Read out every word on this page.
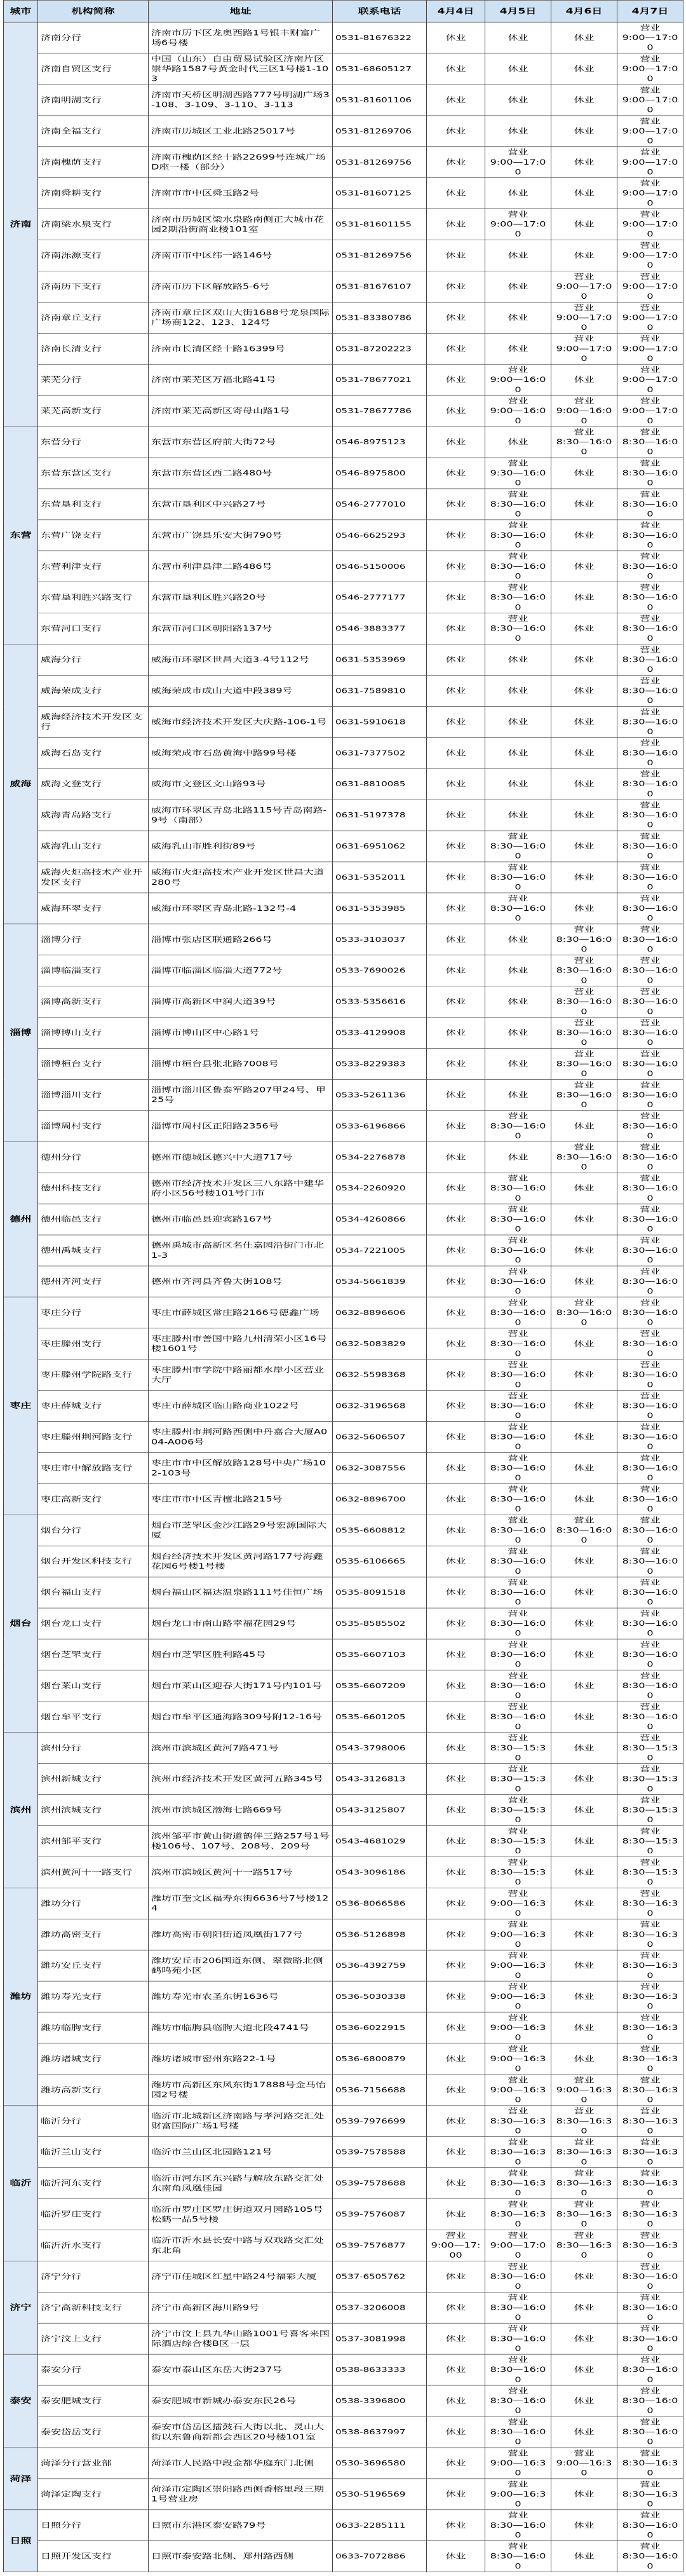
城市	机构简称	地址	联系电话	4月4日	4月5日	4月6日	4月7日
济南	济南分行	济南市历下区龙奥西路1号银丰财富广场6号楼	0531-81676322	休业	休业	休业	营业
9:00—17:00

	济南自贸区支行	中国（山东）自由贸易试验区济南片区崇华路1587号黄金时代三区1号楼1-103	0531-68605127	休业	休业	休业	营业
9:00—17:00

	济南明湖支行	济南市天桥区明湖西路777号明湖广场3-108、3-109、3-110、3-113	0531-81601106	休业	休业	休业	营业
9:00—17:00

	济南全福支行	济南市历城区工业北路25017号	0531-81269706	休业	休业	休业	营业
9:00—17:00

	济南槐荫支行	济南市槐荫区经十路22699号连城广场D座一楼（部分）	0531-81269756	休业	营业
9:00—17:00	休业	营业
9:00—17:00

	济南舜耕支行	济南市市中区舜玉路2号	0531-81607125	休业	休业	休业	营业
9:00—17:00

	济南梁水泉支行	济南市历城区梁水泉路南侧正大城市花园2期沿街商业楼101室	0531-81601155	休业	营业
9:00—17:00	休业	营业
9:00—17:00

	济南泺源支行	济南市市中区纬一路146号	0531-81269756	休业	休业	休业	营业
9:00—17:00

	济南历下支行	济南市历下区解放路5-6号	0531-81676107	休业	休业	营业
9:00—17:00	营业
9:00—17:00

	济南章丘支行	济南市章丘区双山大街1688号龙泉国际广场商122、123、124号	0531-83380786	休业	休业	营业
9:00—17:00	营业
9:00—17:00

	济南长清支行	济南市长清区经十路16399号	0531-87202223	休业	休业	营业
9:00—17:00	营业
9:00—17:00

	莱芜分行	济南市莱芜区万福北路41号	0531-78677021	休业	营业
9:00—16:00	休业	营业
9:00—17:00

	莱芜高新支行	济南市莱芜高新区寄母山路1号	0531-78677786	休业	营业
9:00—16:00	营业
9:00—16:00	营业
9:00—17:00

东营	东营分行	东营市东营区府前大街72号	0546-8975123	休业	休业	营业
8:30—16:00	营业
8:30—16:00

	东营东营区支行	东营市东营区西二路480号	0546-8975800	休业	营业
9:30—16:00	休业	营业
8:30—16:00

	东营垦利支行	东营市垦利区中兴路27号	0546-2777010	休业	营业
8:30—16:00	休业	营业
8:30—16:00

	东营广饶支行	东营市广饶县乐安大街790号	0546-6625293	休业	营业
8:30—16:00	休业	营业
8:30—16:00

	东营利津支行	东营市利津县津二路486号	0546-5150006	休业	营业
8:30—16:00	休业	营业
8:30—16:00

	东营垦利胜兴路支行	东营市垦利区胜兴路20号	0546-2777177	休业	营业
8:30—16:00	休业	营业
8:30—16:00

	东营河口支行	东营市河口区朝阳路137号	0546-3883377	休业	营业
8:30—16:00	休业	营业
8:30—16:00

威海	威海分行	威海市环翠区世昌大道3-4号112号	0631-5353969	休业	休业	休业	营业
8:30—16:00

	威海荣成支行	威海荣成市成山大道中段389号	0631-7589810	休业	休业	休业	营业
8:30—16:00

	威海经济技术开发区支行	威海市经济技术开发区大庆路-106-1号	0631-5910618	休业	休业	休业	营业
8:30—16:00

	威海石岛支行	威海荣成市石岛黄海中路99号楼	0631-7377502	休业	休业	休业	营业
8:30—16:00

	威海文登支行	威海市文登区文山路93号	0631-8810085	休业	休业	休业	营业
8:30—16:00

	威海青岛路支行	威海市环翠区青岛北路115号青岛南路-9号（南部）	0631-5197378	休业	休业	休业	营业
8:30—16:00

	威海乳山支行	威海乳山市胜利街89号	0631-6951062	休业	营业
8:30—16:00	休业	营业
8:30—16:00

	威海火炬高技术产业开发区支行	威海市火炬高技术产业开发区世昌大道280号	0631-5352011	休业	营业
8:30—16:00	休业	营业
8:30—16:00

	威海环翠支行	威海市环翠区青岛北路-132号-4	0631-5353985	休业	营业
8:30—16:00	休业	营业
8:30—16:00

淄博	淄博分行	淄博市张店区联通路266号	0533-3103037	休业	休业	营业
8:30—16:00	营业
8:30—16:00

	淄博临淄支行	淄博市临淄区临淄大道772号	0533-7690026	休业	休业	营业
8:30—16:00	营业
8:30—16:00

	淄博高新支行	淄博市高新区中润大道39号	0533-5356616	休业	休业	营业
8:30—16:00	营业
8:30—16:00

	淄博博山支行	淄博市博山区中心路1号	0533-4129908	休业	休业	营业
8:30—16:00	营业
8:30—16:00

	淄博桓台支行	淄博市桓台县张北路7008号	0533-8229383	休业	休业	营业
8:30—16:00	营业
8:30—16:00

	淄博淄川支行	淄博市淄川区鲁泰军路207甲24号、甲25号	0533-5261136	休业	休业	营业
8:30—16:00	营业
8:30—16:00

	淄博周村支行	淄博市周村区正阳路2356号	0533-6196866	休业	营业
8:30—16:00	休业	营业
8:30—16:00

德州	德州分行	德州市德城区德兴中大道717号	0534-2276878	休业	休业	营业
8:30—16:00	营业
8:30—16:00

	德州科技支行	德州市经济技术开发区三八东路中建华府小区56号楼101号门市	0534-2260920	休业	营业
8:30—16:00	休业	营业
8:30—16:00

	德州临邑支行	德州市临邑县迎宾路167号	0534-4260866	休业	营业
8:30—16:00	休业	营业
8:30—16:00

	德州禹城支行	德州禹城市高新区名仕嘉园沿街门市北1-3	0534-7221005	休业	营业
8:30—16:00	休业	营业
8:30—16:00

	德州齐河支行	德州市齐河县齐鲁大街108号	0534-5661839	休业	营业
8:30—16:00	休业	营业
8:30—16:00

枣庄	枣庄分行	枣庄市薛城区常庄路2166号德鑫广场	0632-8896606	休业	营业
8:30—16:00	营业
8:30—16:00	营业
8:30—16:00

	枣庄滕州支行	枣庄滕州市善国中路九州清荣小区16号楼1601号	0632-5083829	休业	营业
8:30—16:00	休业	营业
8:30—16:00

	枣庄滕州学院路支行	枣庄滕州市学院中路丽都水岸小区营业大厅	0632-5598368	休业	营业
8:30—16:00	休业	营业
8:30—16:00

	枣庄薛城支行	枣庄市薛城区临山路商业1022号	0632-3196568	休业	营业
8:30—16:00	休业	营业
8:30—16:00

	枣庄滕州荆河路支行	枣庄滕州市荆河路西侧中丹嘉合大厦A004-A006号	0632-5606507	休业	营业
8:30—16:00	休业	营业
8:30—16:00

	枣庄市中解放路支行	枣庄市市中区解放路128号中央广场102-103号	0632-3087556	休业	营业
8:30—16:00	休业	营业
8:30—16:00

	枣庄高新支行	枣庄市市中区青檀北路215号	0632-8896700	休业	营业
8:30—16:00	休业	营业
8:30—16:00

烟台	烟台分行	烟台市芝罘区金沙江路29号宏源国际大厦	0535-6608812	休业	营业
8:30—16:00	营业
8:30—16:00	营业
8:30—16:00

	烟台开发区科技支行	烟台经济技术开发区黄河路177号海鑫花园6号楼1号楼	0535-6106665	休业	营业
8:30—16:00	休业	营业
8:30—16:00

	烟台福山支行	烟台福山区福达温泉路111号佳恒广场	0535-8091518	休业	营业
8:30—16:00	休业	营业
8:30—16:00

	烟台龙口支行	烟台龙口市南山路幸福花园29号	0535-8585502	休业	营业
8:30—16:00	休业	营业
8:30—16:00

	烟台芝罘支行	烟台市芝罘区胜利路45号	0535-6607103	休业	营业
8:30—16:00	休业	营业
8:30—16:00

	烟台莱山支行	烟台市莱山区迎春大街171号内101号	0535-6607209	休业	营业
8:30—16:00	休业	营业
8:30—16:00

	烟台牟平支行	烟台市牟平区通海路309号附12-16号	0535-6601205	休业	营业
8:30—16:00	休业	营业
8:30—16:00

滨州	滨州分行	滨州市滨城区黄河7路471号	0543-3798006	休业	营业
8:30—15:30	休业	营业
8:30—15:30

	滨州新城支行	滨州市经济技术开发区黄河五路345号	0543-3126813	休业	营业
8:30—15:30	休业	营业
8:30—15:30

	滨州滨城支行	滨州市滨城区渤海七路669号	0543-3125807	休业	营业
8:30—15:30	休业	营业
8:30—15:30

	滨州邹平支行	滨州邹平市黄山街道鹤伴三路257号1号楼106号、107号、208号、209号	0543-4681029	休业	营业
8:30—15:30	休业	营业
8:30—15:30

	滨州黄河十一路支行	滨州市滨城区黄河十一路517号	0543-3096186	休业	营业
8:30—15:30	休业	营业
8:30—15:30

潍坊	潍坊分行	潍坊市奎文区福寿东街6636号7号楼124	0536-8066586	休业	营业
9:00—16:30	休业	营业
8:30—16:30

	潍坊高密支行	潍坊高密市朝阳街道凤凰街177号	0536-5126898	休业	营业
9:00—16:30	休业	营业
8:30—16:30

	潍坊安丘支行	潍坊安丘市206国道东侧、翠微路北侧鹤鸣苑小区	0536-4392759	休业	营业
9:00—16:30	休业	营业
8:30—16:30

	潍坊寿光支行	潍坊寿光市农圣东街1636号	0536-5030338	休业	营业
9:00—16:30	休业	营业
8:30—16:30

	潍坊临朐支行	潍坊市临朐县临朐大道北段4741号	0536-6022915	休业	营业
9:00—16:30	休业	营业
8:30—16:30

	潍坊诸城支行	潍坊诸城市密州东路22-1号	0536-6800879	休业	营业
9:00—16:30	休业	营业
8:30—16:30

	潍坊高新支行	潍坊市高新区东风东街17888号金马怡园2号楼	0536-7156688	休业	营业
9:00—16:30	营业
9:00—16:30	营业
8:30—16:30

临沂	临沂分行	临沂市北城新区济南路与孝河路交汇处财富国际广场1号楼	0539-7976699	休业	营业
8:30—16:30	营业
8:30—16:30	营业
8:30—16:30

	临沂兰山支行	临沂市兰山区北园路121号	0539-7578588	休业	营业
8:30—16:30	营业
8:30—16:30	营业
8:30—16:30

	临沂河东支行	临沂市河东区东兴路与解放东路交汇处东南角凤凰佳园	0539-7578688	休业	营业
8:30—16:30	营业
8:30—16:30	营业
8:30—16:30

	临沂罗庄支行	临沂市罗庄区罗庄街道双月园路105号松鹤一品5号楼	0539-7576087	休业	营业
8:30—16:30	营业
8:30—16:30	营业
8:30—16:30

	临沂沂水支行	临沂市沂水县长安中路与双戏路交汇处东北角	0539-7576877	营业
9:00—17:00	营业
9:00—17:00	营业
8:30—16:30	营业
8:30—16:30

济宁	济宁分行	济宁市任城区红星中路24号福彩大厦	0537-6505762	休业	营业
8:30—16:00	休业	营业
8:30—16:00

	济宁高新科技支行	济宁市高新区海川路9号	0537-3206008	休业	营业
8:30—16:00	休业	营业
8:30—16:00

	济宁汶上支行	济宁市汶上县九华山路1001号喜客来国际酒店综合楼B区一层	0537-3081998	休业	营业
8:30—16:00	休业	营业
8:30—16:00

泰安	泰安分行	泰安市泰山区东岳大街237号	0538-8633333	休业	营业
8:30—16:00	休业	营业
8:30—16:00

	泰安肥城支行	泰安肥城市新城办泰安东民26号	0538-3396800	休业	营业
8:30—16:00	休业	营业
8:30—16:00

	泰安岱岳支行	泰安市岱岳区擂鼓石大街以北、灵山大街以东鲁商新都会西区20号楼101室	0538-8637997	休业	营业
8:30—16:00	休业	营业
8:30—16:00

菏泽	菏泽分行营业部	菏泽市人民路中段金都华庭东门北侧	0530-3696580	休业	营业
9:00—16:30	营业
9:00—16:30	营业
8:30—16:30

	菏泽定陶支行	菏泽市定陶区崇阳路西侧香榕里段三期1号营业房	0530-5196569	休业	营业
9:00—16:30	休业	营业
8:30—16:30

日照	日照分行	日照市东港区泰安路79号	0633-2285111	休业	营业
8:30—16:00	休业	营业
8:30—16:00

	日照开发区支行	日照市泰安路北侧、郑州路西侧	0633-7072886	休业	营业
8:30—16:00	休业	营业
8:30—16:00
